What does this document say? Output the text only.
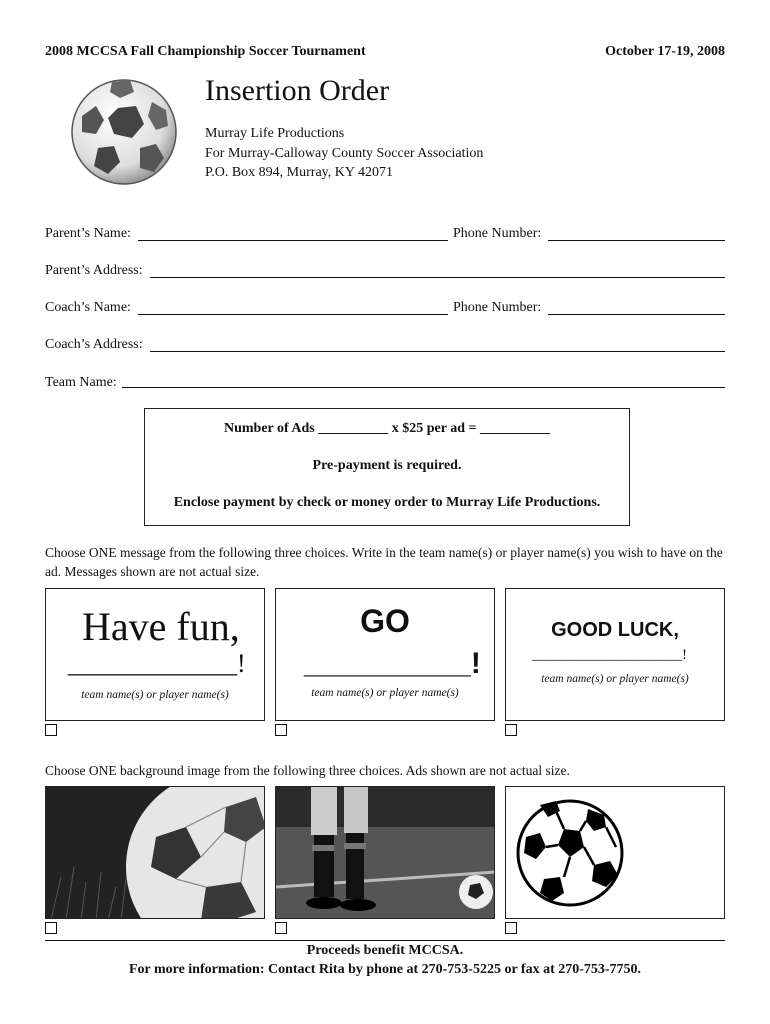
2008 MCCSA Fall Championship Soccer Tournament	October 17-19, 2008
Insertion Order
Murray Life Productions
For Murray-Calloway County Soccer Association
P.O. Box 894, Murray, KY 42071
Parent’s Name:	Phone Number:
Parent’s Address:
Coach’s Name:	Phone Number:
Coach’s Address:
Team Name:
Number of Ads __________ x $25 per ad = __________
Pre-payment is required.
Enclose payment by check or money order to Murray Life Productions.
Choose ONE message from the following three choices. Write in the team name(s) or player name(s) you wish to have on the ad. Messages shown are not actual size.
Have fun,
_____________!
team name(s) or player name(s)
GO
__________!
team name(s) or player name(s)
GOOD LUCK,
____________________!
team name(s) or player name(s)
Choose ONE background image from the following three choices. Ads shown are not actual size.
Proceeds benefit MCCSA.
For more information: Contact Rita by phone at 270-753-5225 or fax at 270-753-7750.
